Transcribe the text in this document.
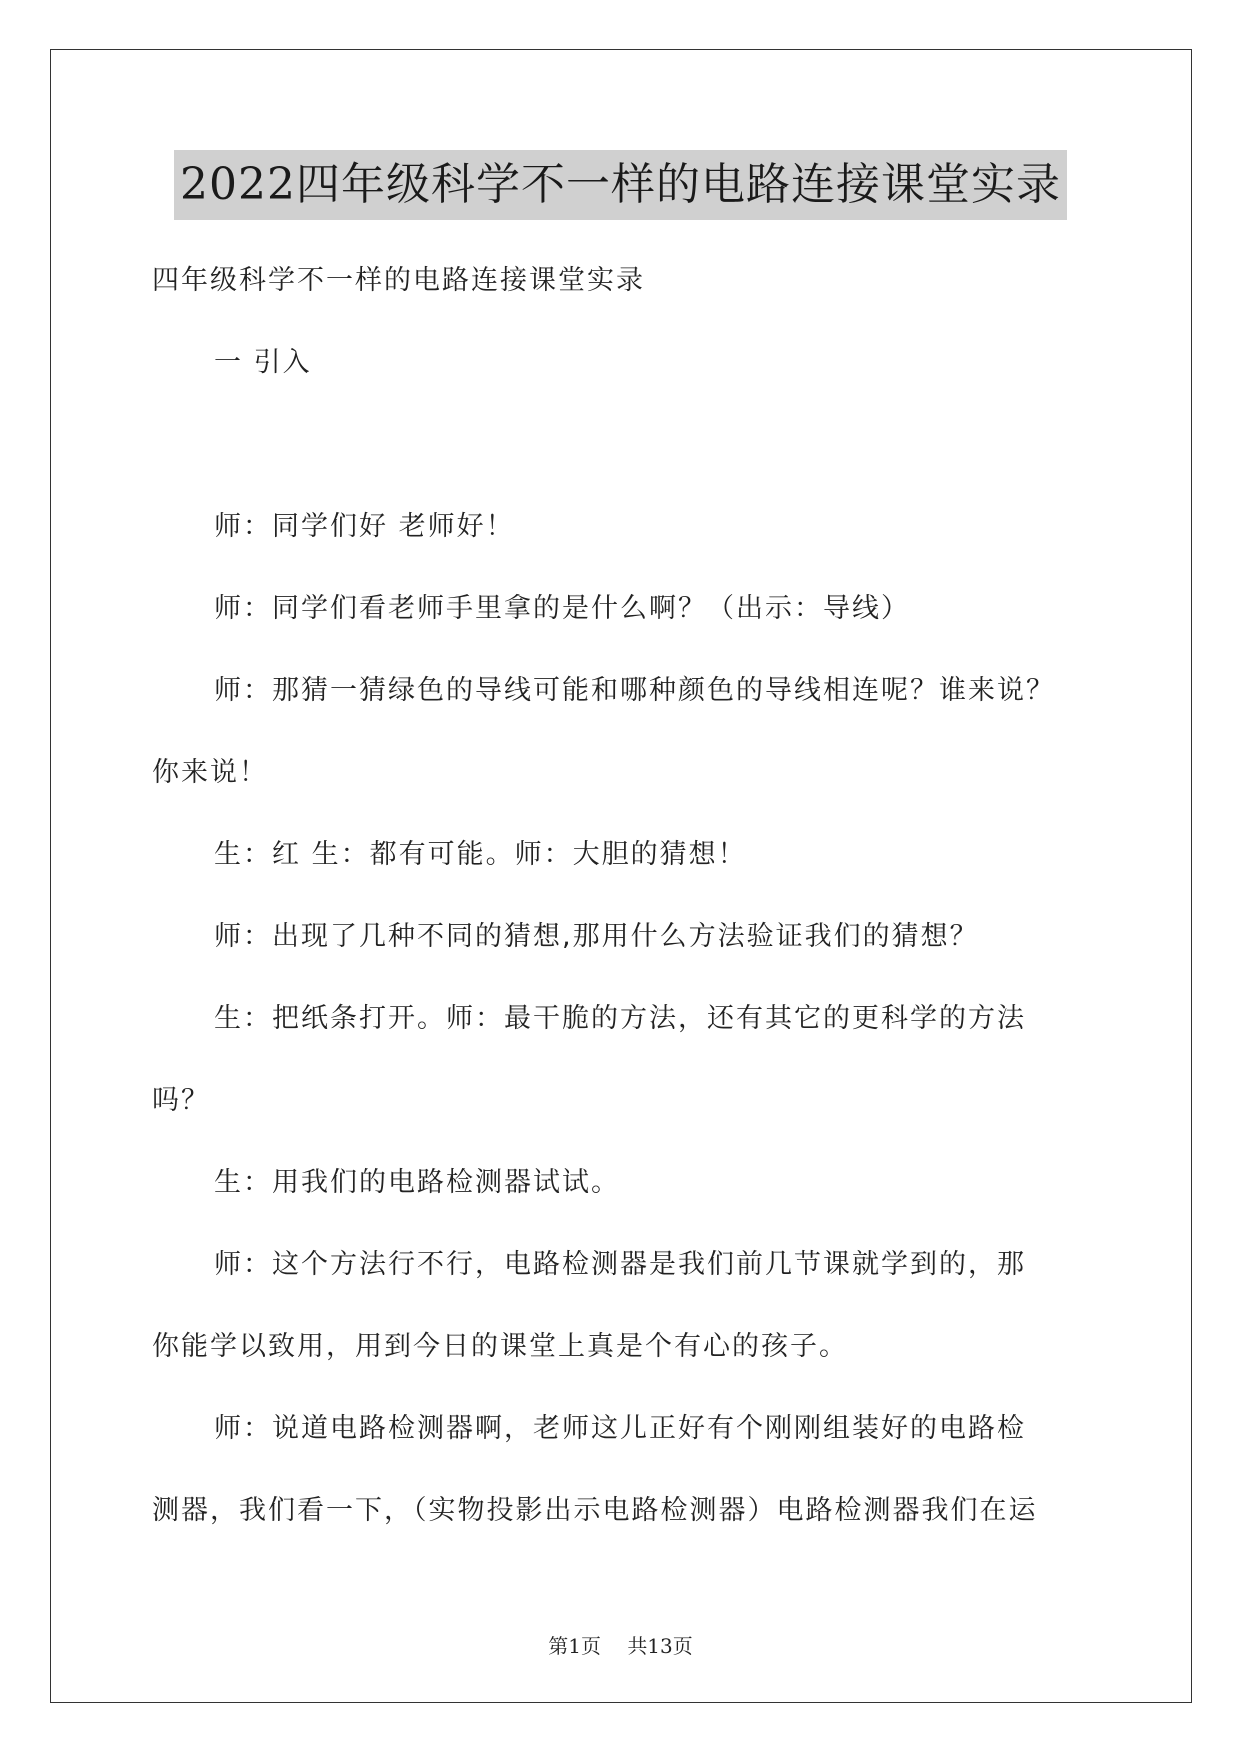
2022四年级科学不一样的电路连接课堂实录
四年级科学不一样的电路连接课堂实录
一 引入
师：同学们好 老师好！
师：同学们看老师手里拿的是什么啊？（出示：导线）
师：那猜一猜绿色的导线可能和哪种颜色的导线相连呢？谁来说？
你来说！
生：红 生：都有可能。师：大胆的猜想！
师：出现了几种不同的猜想,那用什么方法验证我们的猜想？
生：把纸条打开。师：最干脆的方法，还有其它的更科学的方法
吗？
生：用我们的电路检测器试试。
师：这个方法行不行，电路检测器是我们前几节课就学到的，那
你能学以致用，用到今日的课堂上真是个有心的孩子。
师：说道电路检测器啊，老师这儿正好有个刚刚组装好的电路检
测器，我们看一下，（实物投影出示电路检测器）电路检测器我们在运
第1页 共13页
